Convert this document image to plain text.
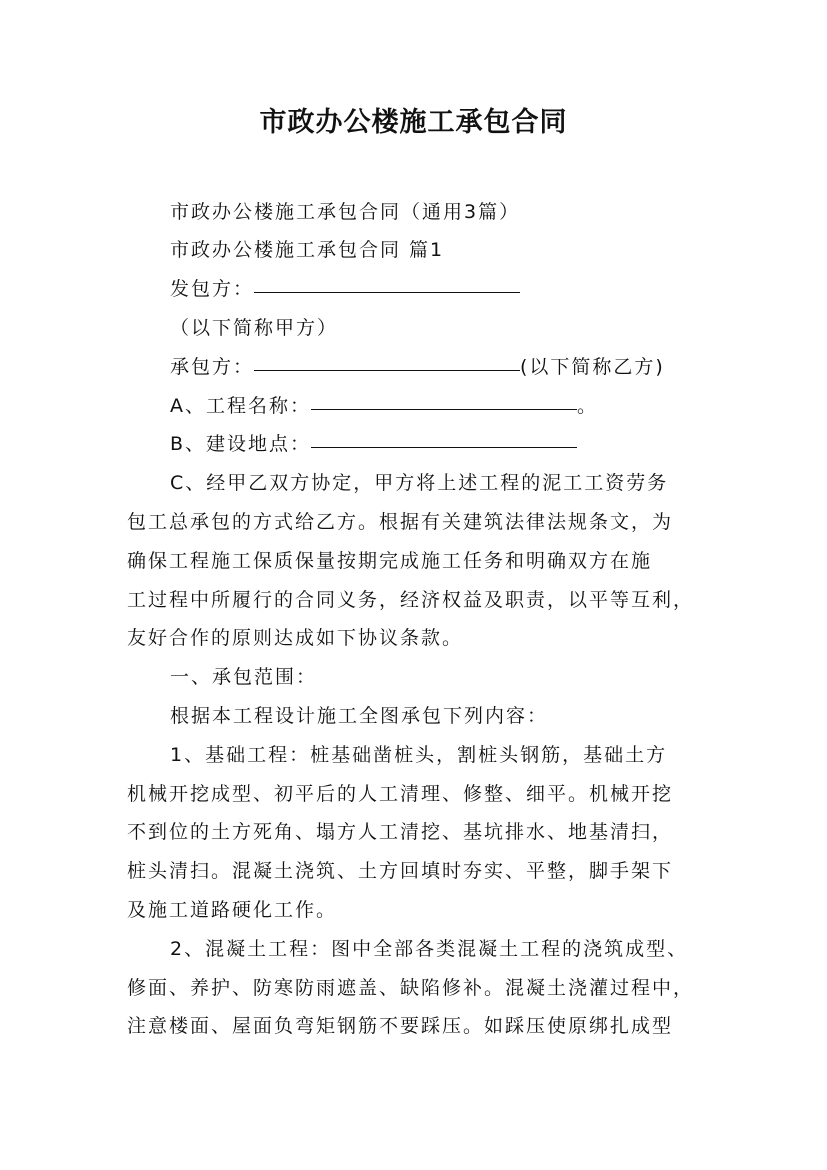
市政办公楼施工承包合同
市政办公楼施工承包合同（通用3篇）
市政办公楼施工承包合同 篇1
发包方：
（以下简称甲方）
承包方：	(以下简称乙方)
A、工程名称：	。
B、建设地点：
C、经甲乙双方协定，甲方将上述工程的泥工工资劳务
包工总承包的方式给乙方。根据有关建筑法律法规条文，为
确保工程施工保质保量按期完成施工任务和明确双方在施
工过程中所履行的合同义务，经济权益及职责，以平等互利，
友好合作的原则达成如下协议条款。
一、承包范围：
根据本工程设计施工全图承包下列内容：
1、基础工程：桩基础凿桩头，割桩头钢筋，基础土方
机械开挖成型、初平后的人工清理、修整、细平。机械开挖
不到位的土方死角、塌方人工清挖、基坑排水、地基清扫，
桩头清扫。混凝土浇筑、土方回填时夯实、平整，脚手架下
及施工道路硬化工作。
2、混凝土工程：图中全部各类混凝土工程的浇筑成型、
修面、养护、防寒防雨遮盖、缺陷修补。混凝土浇灌过程中，
注意楼面、屋面负弯矩钢筋不要踩压。如踩压使原绑扎成型
